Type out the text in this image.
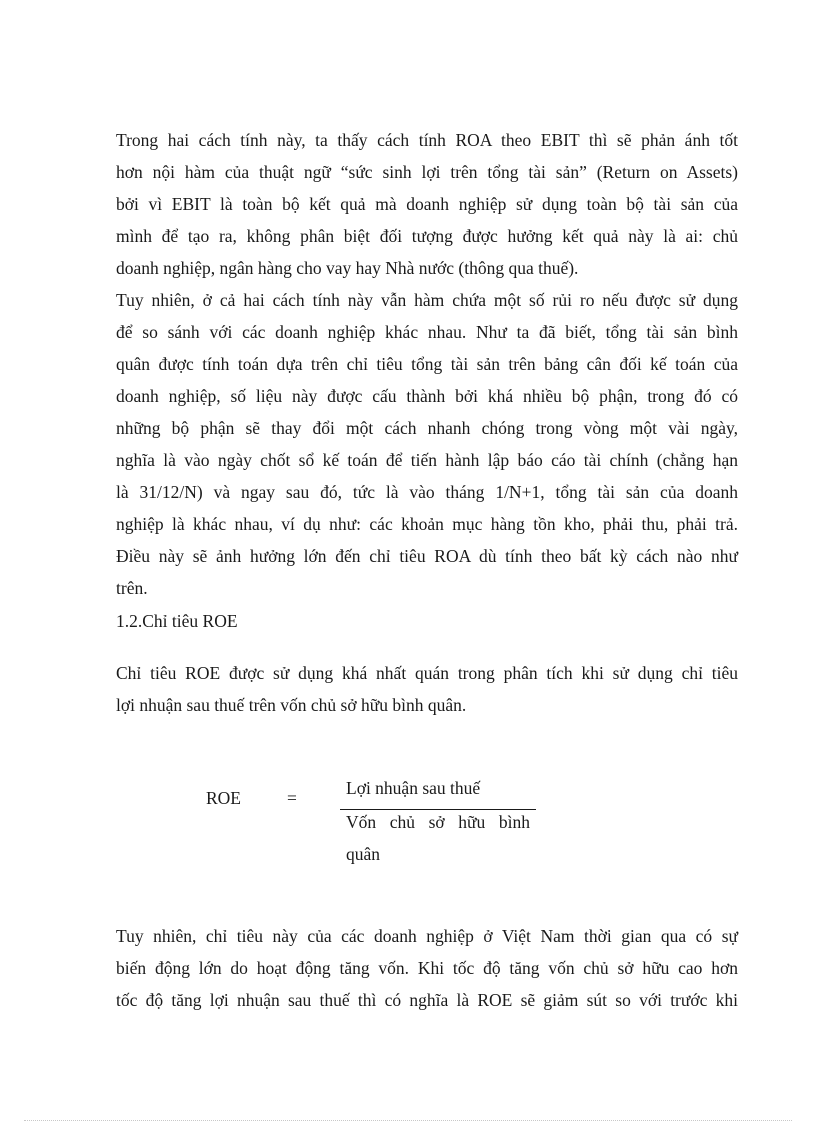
Trong hai cách tính này, ta thấy cách tính ROA theo EBIT thì sẽ phản ánh tốt
hơn nội hàm của thuật ngữ “sức sinh lợi trên tổng tài sản” (Return on Assets)
bởi vì EBIT là toàn bộ kết quả mà doanh nghiệp sử dụng toàn bộ tài sản của
mình để tạo ra, không phân biệt đối tượng được hưởng kết quả này là ai: chủ
doanh nghiệp, ngân hàng cho vay hay Nhà nước (thông qua thuế).
Tuy nhiên, ở cả hai cách tính này vẫn hàm chứa một số rủi ro nếu được sử dụng
để so sánh với các doanh nghiệp khác nhau. Như ta đã biết, tổng tài sản bình
quân được tính toán dựa trên chỉ tiêu tổng tài sản trên bảng cân đối kế toán của
doanh nghiệp, số liệu này được cấu thành bởi khá nhiều bộ phận, trong đó có
những bộ phận sẽ thay đổi một cách nhanh chóng trong vòng một vài ngày,
nghĩa là vào ngày chốt sổ kế toán để tiến hành lập báo cáo tài chính (chẳng hạn
là 31/12/N) và ngay sau đó, tức là vào tháng 1/N+1, tổng tài sản của doanh
nghiệp là khác nhau, ví dụ như: các khoản mục hàng tồn kho, phải thu, phải trả.
Điều này sẽ ảnh hưởng lớn đến chỉ tiêu ROA dù tính theo bất kỳ cách nào như
trên.
1.2.Chỉ tiêu ROE
Chỉ tiêu ROE được sử dụng khá nhất quán trong phân tích khi sử dụng chỉ tiêu
lợi nhuận sau thuế trên vốn chủ sở hữu bình quân.
ROE	=	Lợi nhuận sau thuế
Vốn chủ sở hữu bình
quân
Tuy nhiên, chỉ tiêu này của các doanh nghiệp ở Việt Nam thời gian qua có sự
biến động lớn do hoạt động tăng vốn. Khi tốc độ tăng vốn chủ sở hữu cao hơn
tốc độ tăng lợi nhuận sau thuế thì có nghĩa là ROE sẽ giảm sút so với trước khi
